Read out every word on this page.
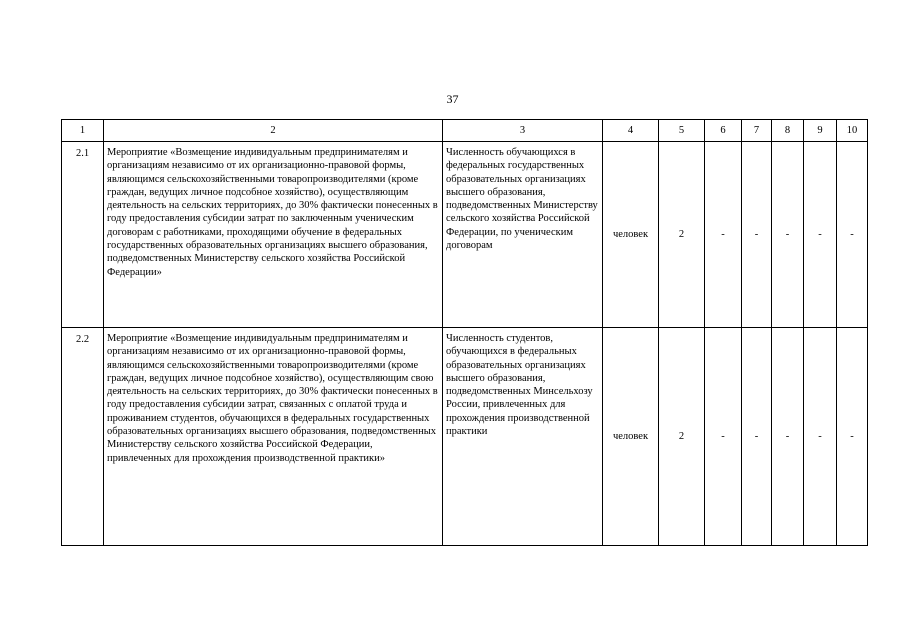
37
1	2	3	4	5	6	7	8	9	10
2.1	Мероприятие «Возмещение индивидуальным предпринимателям и организациям независимо от их организационно-правовой формы, являющимся сельскохозяйственными товаропроизводителями (кроме граждан, ведущих личное подсобное хозяйство), осуществляющим деятельность на сельских территориях, до 30% фактически понесенных в году предоставления субсидии затрат по заключенным ученическим договорам с работниками, проходящими обучение в федеральных государственных образовательных организациях высшего образования, подведомственных Министерству сельского хозяйства Российской Федерации»	Численность обучающихся в федеральных государственных образовательных организациях высшего образования, подведомственных Министерству сельского хозяйства Российской Федерации, по ученическим договорам	человек	2	-	-	-	-	-
2.2	Мероприятие «Возмещение индивидуальным предпринимателям и организациям независимо от их организационно-правовой формы, являющимся сельскохозяйственными товаропроизводителями (кроме граждан, ведущих личное подсобное хозяйство), осуществляющим свою деятельность на сельских территориях, до 30% фактически понесенных в году предоставления субсидии затрат, связанных с оплатой труда и проживанием студентов, обучающихся в федеральных государственных образовательных организациях высшего образования, подведомственных Министерству сельского хозяйства Российской Федерации, привлеченных для прохождения производственной практики»	Численность студентов, обучающихся в федеральных образовательных организациях высшего образования, подведомственных Минсельхозу России, привлеченных для прохождения производственной практики	человек	2	-	-	-	-	-
